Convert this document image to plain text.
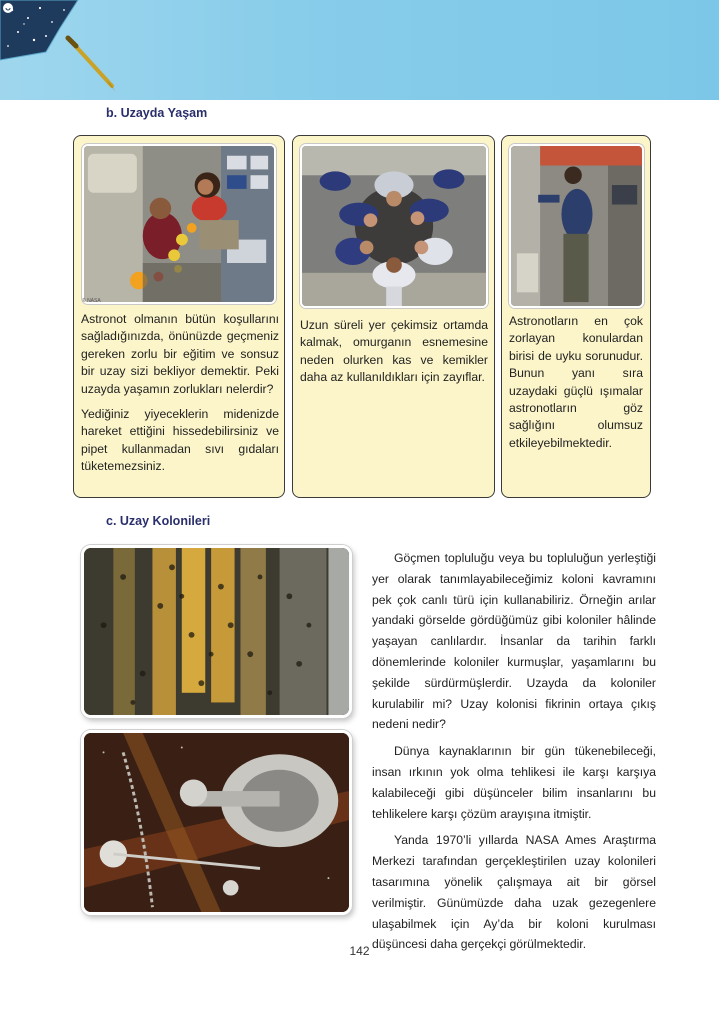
b. Uzayda Yaşam
© NASA

Astronot olmanın bütün koşullarını sağladığınızda, önünüzde geçmeniz gereken zorlu bir eğitim ve sonsuz bir uzay sizi bekliyor demektir. Peki uzayda yaşamın zorlukları nelerdir?

Yediğiniz yiyeceklerin midenizde hareket ettiğini hissedebilirsiniz ve pipet kullanmadan sıvı gıdaları tüketemezsiniz.

Uzun süreli yer çekimsiz ortamda kalmak, omurganın esnemesine neden olurken kas ve kemikler daha az kullanıldıkları için zayıflar.

Astronotların en çok zorlayan konulardan birisi de uyku sorunudur. Bunun yanı sıra uzaydaki güçlü ışımalar astronotların göz sağlığını olumsuz etkileyebilmektedir.

c. Uzay Kolonileri

Göçmen topluluğu veya bu topluluğun yerleştiği yer olarak tanımlayabileceğimiz koloni kavramını pek çok canlı türü için kullanabiliriz. Örneğin arılar yandaki görselde gördüğümüz gibi koloniler hâlinde yaşayan canlılardır. İnsanlar da tarihin farklı dönemlerinde koloniler kurmuşlar, yaşamlarını bu şekilde sürdürmüşlerdir. Uzayda da koloniler kurulabilir mi? Uzay kolonisi fikrinin ortaya çıkış nedeni nedir?

Dünya kaynaklarının bir gün tükenebileceği, insan ırkının yok olma tehlikesi ile karşı karşıya kalabileceği gibi düşünceler bilim insanlarını bu tehlikelere karşı çözüm arayışına itmiştir.

Yanda 1970’li yıllarda NASA Ames Araştırma Merkezi tarafından gerçekleştirilen uzay kolonileri tasarımına yönelik çalışmaya ait bir görsel verilmiştir. Günümüzde daha uzak gezegenlere ulaşabilmek için Ay’da bir koloni kurulması düşüncesi daha gerçekçi görülmektedir.

142
